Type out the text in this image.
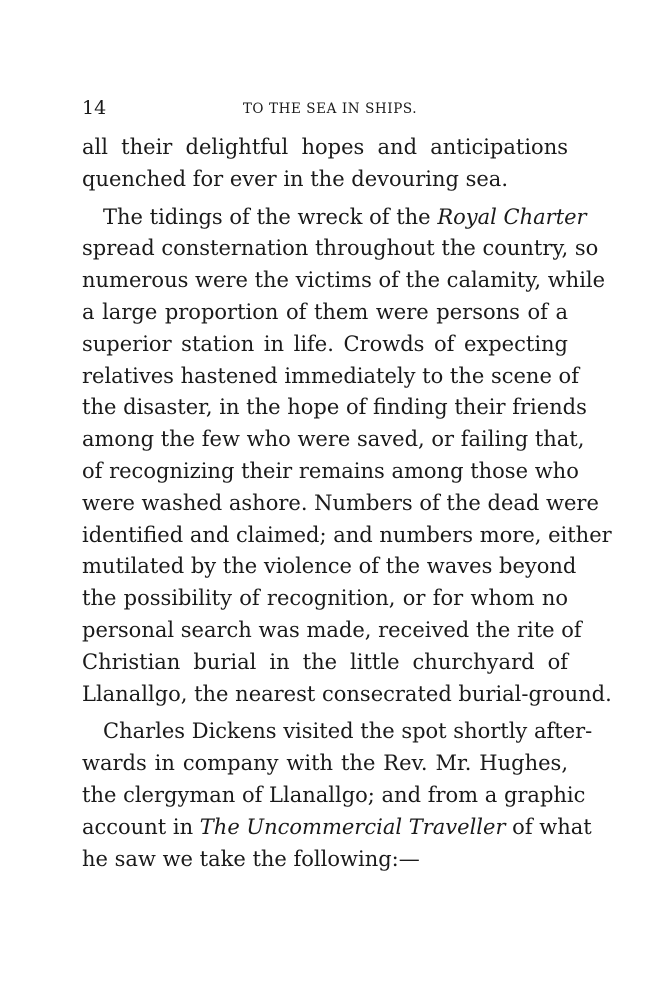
14	TO THE SEA IN SHIPS.
all their delightful hopes and anticipations
quenched for ever in the devouring sea.
The tidings of the wreck of the Royal Charter
spread consternation throughout the country, so
numerous were the victims of the calamity, while
a large proportion of them were persons of a
superior station in life. Crowds of expecting
relatives hastened immediately to the scene of
the disaster, in the hope of finding their friends
among the few who were saved, or failing that,
of recognizing their remains among those who
were washed ashore. Numbers of the dead were
identified and claimed; and numbers more, either
mutilated by the violence of the waves beyond
the possibility of recognition, or for whom no
personal search was made, received the rite of
Christian burial in the little churchyard of
Llanallgo, the nearest consecrated burial-ground.
Charles Dickens visited the spot shortly after-
wards in company with the Rev. Mr. Hughes,
the clergyman of Llanallgo; and from a graphic
account in The Uncommercial Traveller of what
he saw we take the following:—
